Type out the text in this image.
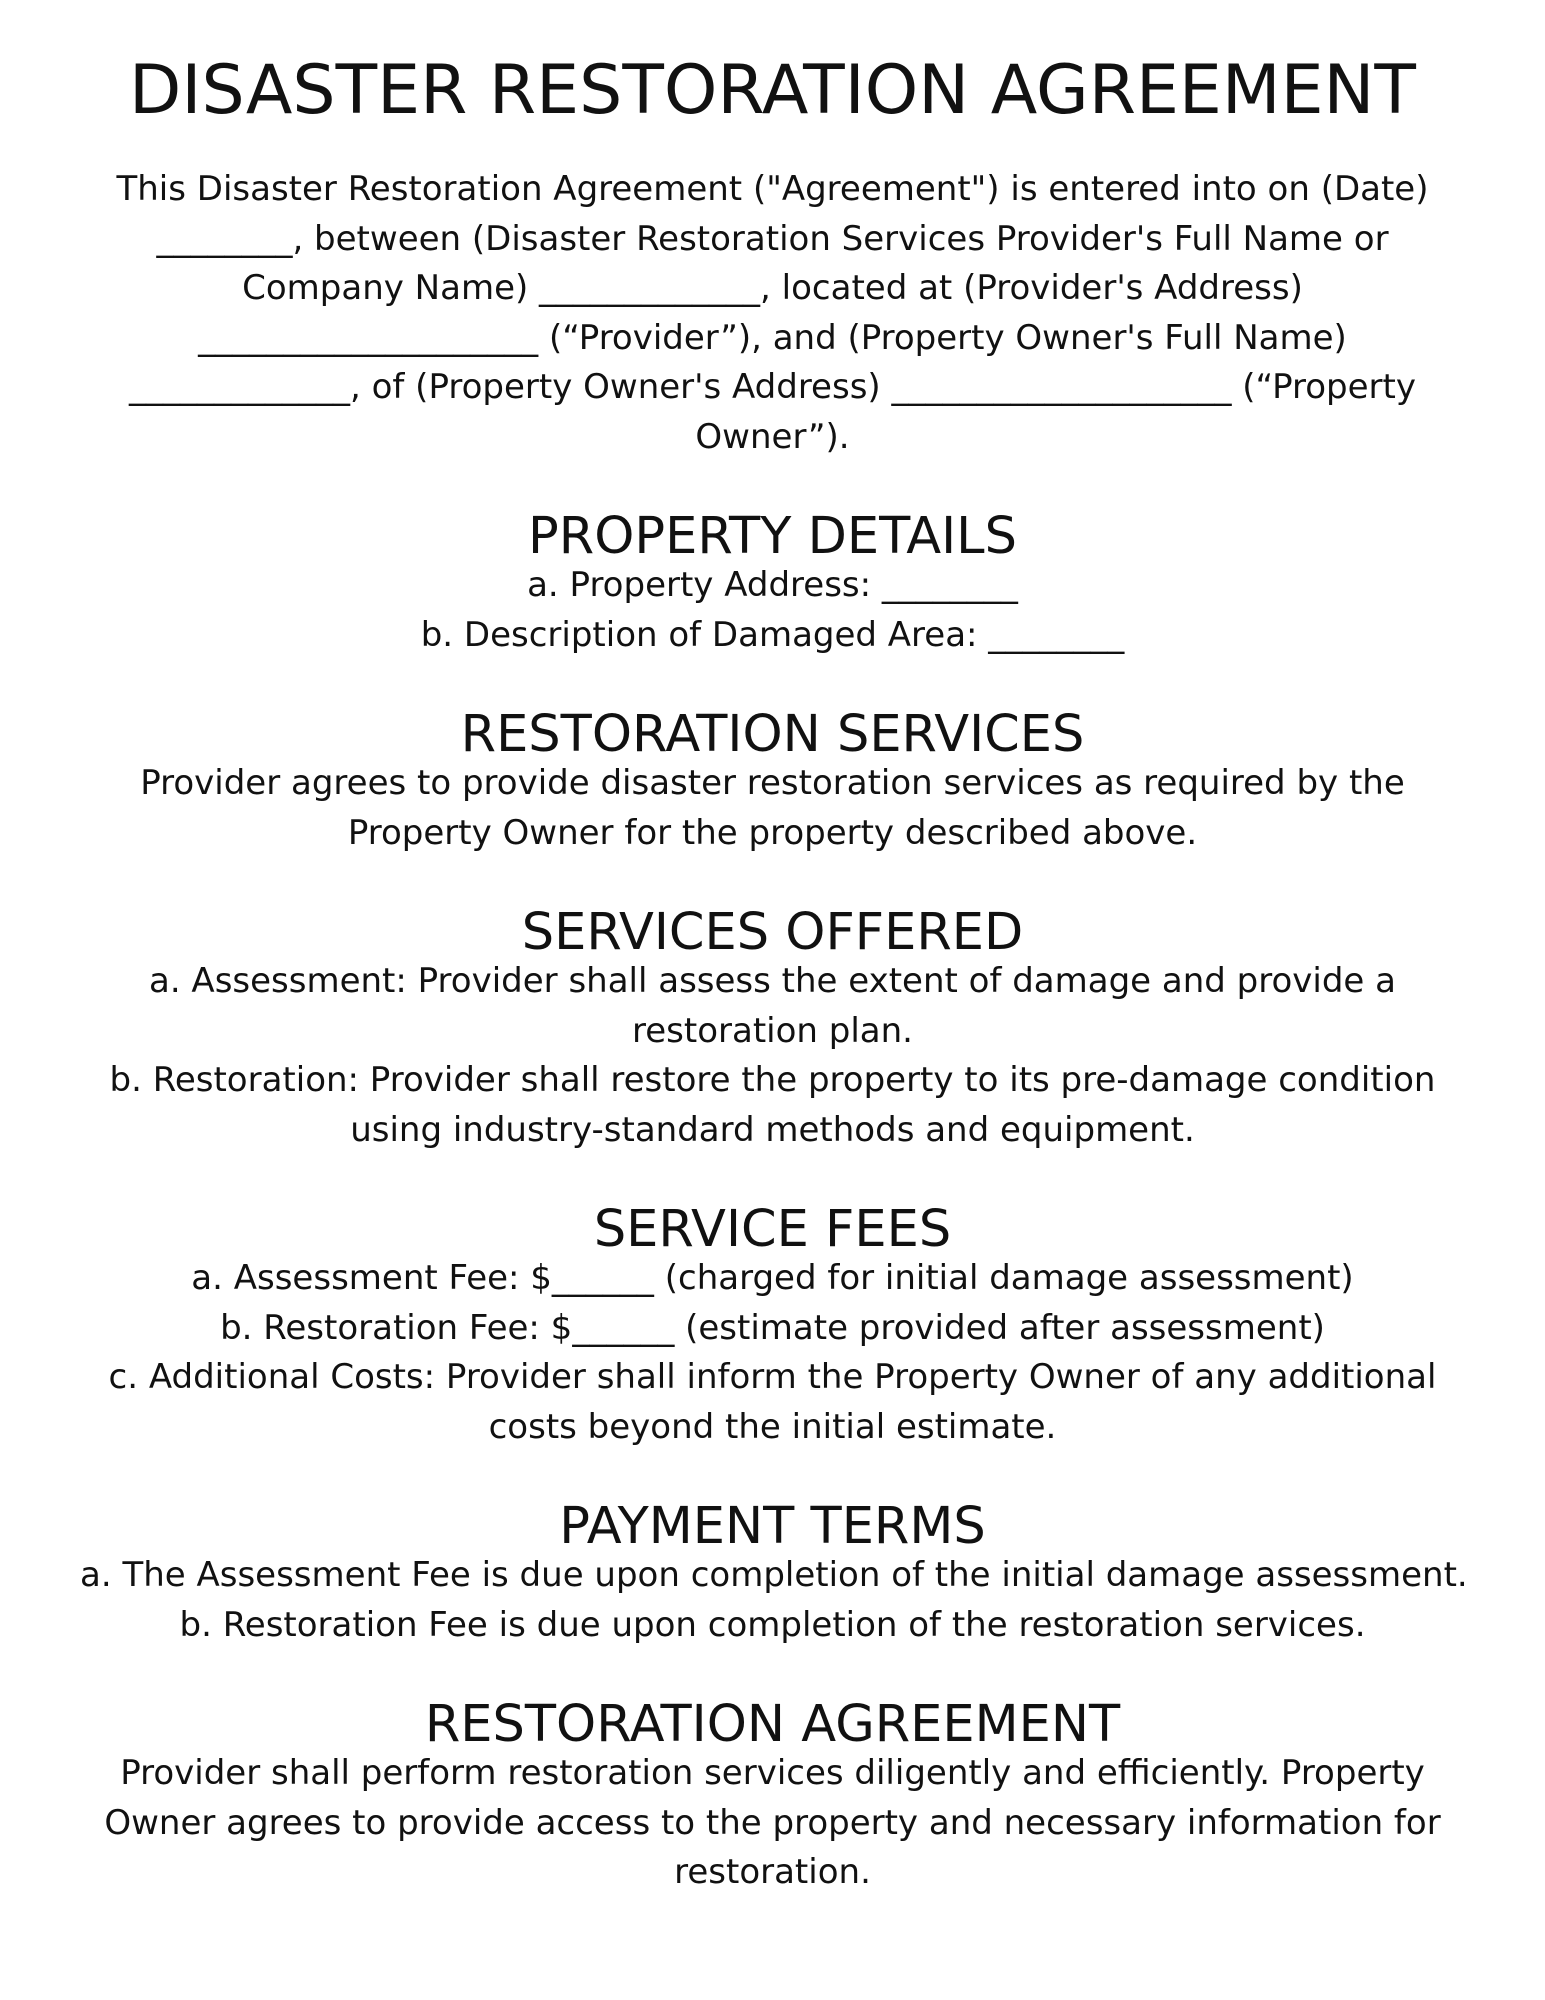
DISASTER RESTORATION AGREEMENT

This Disaster Restoration Agreement ("Agreement") is entered into on (Date) ________, between (Disaster Restoration Services Provider's Full Name or Company Name) _____________, located at (Provider's Address) ____________________ (“Provider”), and (Property Owner's Full Name) _____________, of (Property Owner's Address) ____________________ (“Property Owner”).

PROPERTY DETAILS

a. Property Address: ________

b. Description of Damaged Area: ________

RESTORATION SERVICES

Provider agrees to provide disaster restoration services as required by the Property Owner for the property described above.

SERVICES OFFERED

a. Assessment: Provider shall assess the extent of damage and provide a restoration plan.

b. Restoration: Provider shall restore the property to its pre-damage condition using industry-standard methods and equipment.

SERVICE FEES

a. Assessment Fee: $______ (charged for initial damage assessment)

b. Restoration Fee: $______ (estimate provided after assessment)

c. Additional Costs: Provider shall inform the Property Owner of any additional costs beyond the initial estimate.

PAYMENT TERMS

a. The Assessment Fee is due upon completion of the initial damage assessment.

b. Restoration Fee is due upon completion of the restoration services.

RESTORATION AGREEMENT

Provider shall perform restoration services diligently and efficiently. Property Owner agrees to provide access to the property and necessary information for restoration.
